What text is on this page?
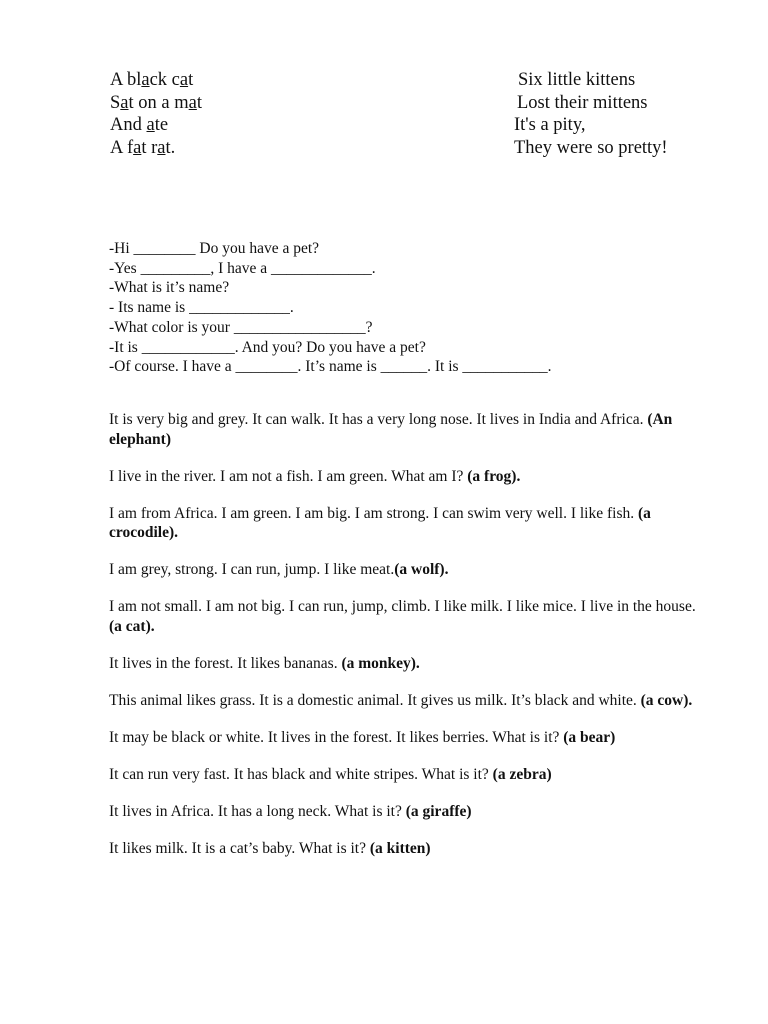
A black cat
Sat on a mat
And ate
A fat rat.
Six little kittens
Lost their mittens
It's a pity,
They were so pretty!
-Hi ________ Do you have a pet?
-Yes _________, I have a _____________.
-What is it’s name?
- Its name is _____________.
-What color is your _________________?
-It is ____________. And you? Do you have a pet?
-Of course. I have a ________. It’s name is ______. It is ___________.

It is very big and grey. It can walk. It has a very long nose. It lives in India and Africa. (An elephant)

I live in the river. I am not a fish. I am green. What am I? (a frog).

I am from Africa. I am green. I am big. I am strong. I can swim very well. I like fish. (a crocodile).

I am grey, strong. I can run, jump. I like meat.(a wolf).

I am not small. I am not big. I can run, jump, climb. I like milk. I like mice. I live in the house. (a cat).

It lives in the forest. It likes bananas. (a monkey).

This animal likes grass. It is a domestic animal. It gives us milk. It’s black and white. (a cow).

It may be black or white. It lives in the forest. It likes berries. What is it? (a bear)

It can run very fast. It has black and white stripes. What is it? (a zebra)

It lives in Africa. It has a long neck. What is it? (a giraffe)

It likes milk. It is a cat’s baby. What is it? (a kitten)
